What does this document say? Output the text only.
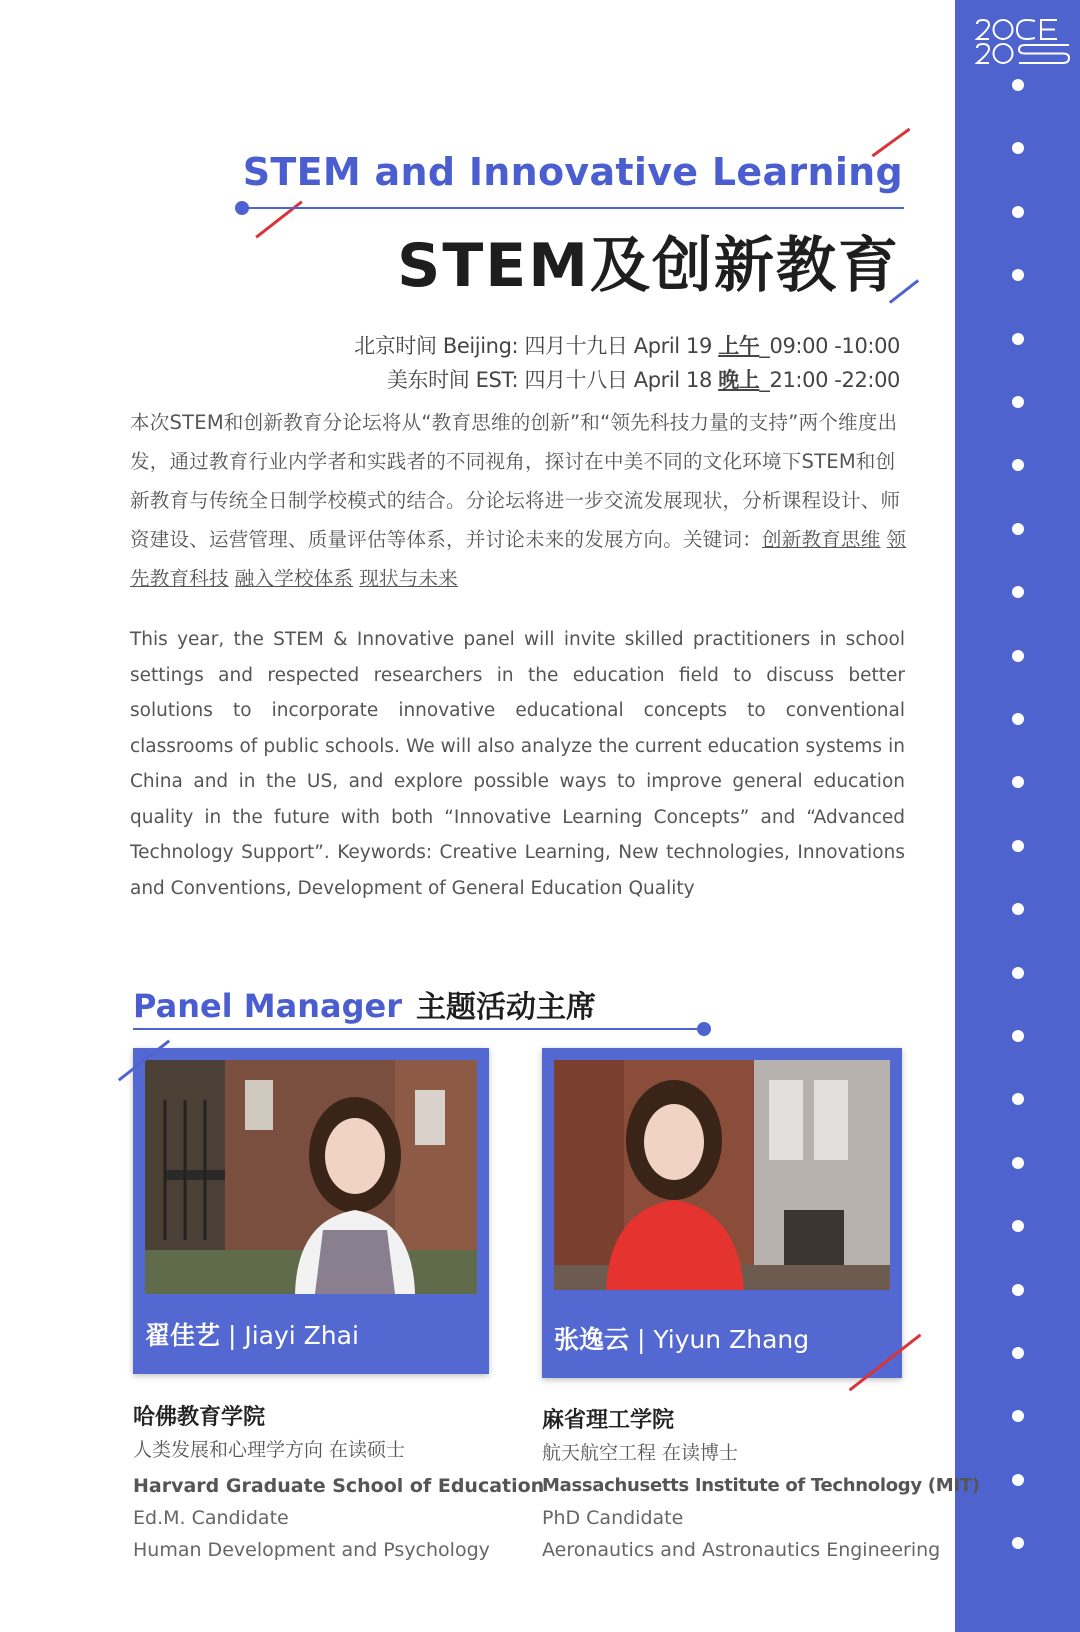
STEM and Innovative Learning
STEM及创新教育
北京时间 Beijing: 四月十九日 April 19 上午_09:00 -10:00
美东时间 EST: 四月十八日 April 18 晚上_21:00 -22:00
本次STEM和创新教育分论坛将从“教育思维的创新”和“领先科技力量的支持”两个维度出发，通过教育行业内学者和实践者的不同视角，探讨在中美不同的文化环境下STEM和创新教育与传统全日制学校模式的结合。分论坛将进一步交流发展现状，分析课程设计、师资建设、运营管理、质量评估等体系，并讨论未来的发展方向。关键词：创新教育思维 领先教育科技 融入学校体系 现状与未来
This year, the STEM & Innovative panel will invite skilled practitioners in school settings and respected researchers in the education field to discuss better solutions to incorporate innovative educational concepts to conventional classrooms of public schools. We will also analyze the current education systems in China and in the US, and explore possible ways to improve general education quality in the future with both “Innovative Learning Concepts” and “Advanced Technology Support”. Keywords: Creative Learning, New technologies, Innovations and Conventions, Development of General Education Quality
Panel Manager 主题活动主席
翟佳艺 | Jiayi Zhai	张逸云 | Yiyun Zhang
哈佛教育学院
人类发展和心理学方向 在读硕士
Harvard Graduate School of Education
Ed.M. Candidate
Human Development and Psychology
麻省理工学院
航天航空工程 在读博士
Massachusetts Institute of Technology (MIT)
PhD Candidate
Aeronautics and Astronautics Engineering
